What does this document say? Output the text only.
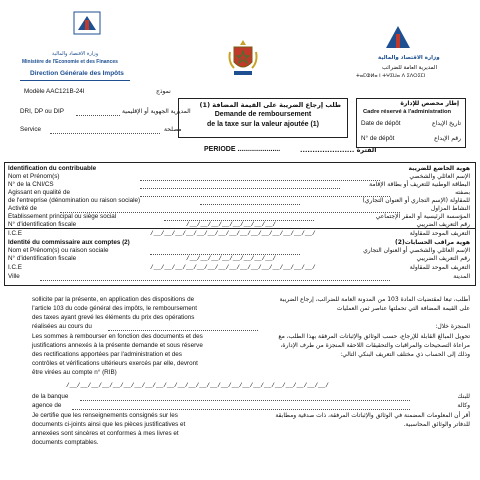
Ministère de l'Economie et des Finances
وزارة الاقتصاد والمالية
Direction Générale des Impôts
Modèle AAC121B-24I	نموذج
DRI, DP ou DIP	المديرية الجهوية أو الإقليمية
Service	مصلحة
وزارة الاقتصاد والمالية
المديرية العامة للضرائب
ⵜⴰⵎⵀⵍⴰ ⵏ ⵜⵖⵉⵡⴰ ⴷ ⵉⴷⵔⵉⵎⵏ
طلب إرجاع الضريبة على القيمة المضافة (1)
Demande de remboursement
de la taxe sur la valeur ajoutée (1)
PERIODE ......................	الفترة ......................
إطار مخصص للإدارة
Cadre réservé à l'administration
Date de dépôt	تاريخ الإيداع
N° de dépôt	رقم الإيداع
Identification du contribuable	هوية الخاضع للضريبة
Nom et Prénom(s)	الإسم العائلي والشخصي
N° de la CNI/CS	البطاقة الوطنية للتعريف أو بطاقة الإقامة
Agissant en qualité de	بصفته
de l'entreprise (dénomination ou raison sociale)	للمقاولة (الإسم التجاري أو العنوان التجاري)
Activité de	النشاط المزاول
Etablissement principal ou siège social	المؤسسة الرئيسية أو المقر الإجتماعي
N° d'identification fiscale	/__/__/__/__/__/__/__/__/	رقم التعريف الضريبي
I.C.E	/__/__/__/__/__/__/__/__/__/__/__/__/__/__/__/	التعريف الموحد للمقاولة
Identité du commissaire aux comptes (2)	هوية مراقب الحسابات(2)
Nom et Prénom(s) ou raison sociale	الإسم العائلي والشخصي أو العنوان التجاري
N° d'identification fiscale	/__/__/__/__/__/__/__/__/	رقم التعريف الضريبي
I.C.E	/__/__/__/__/__/__/__/__/__/__/__/__/__/__/__/	التعريف الموحد للمقاولة
Ville	المدينة
sollicite par la présente, en application des dispositions de
l'article 103 du code général des impôts, le remboursement
des taxes ayant grevé les éléments du prix des opérations
réalisées au cours du
Les sommes à rembourser en fonction des documents et des
justifications annexés à la présente demande et sous réserve
des rectifications apportées par l'administration et des
contrôles et vérifications ultérieurs exercés par elle, devront
être virées au compte n° (RIB)
أطلب، تبعا لمقتضيات المادة 103 من المدونة العامة للضرائب، إرجاع الضريبة
على القيمة المضافة التي تحملتها عناصر ثمن العمليات
المنجزة خلال:
تحويل المبالغ القابلة للإرجاع، حسب الوثائق والإثباتات المرفقة بهذا الطلب، مع
مراعاة التصحيحات والمراقبات والتحقيقات اللاحقة المنجزة من طرف الإدارة،
وذلك إلى الحساب ذي مختلف التعريف البنكي التالي:
/__/__/__/__/__/__/__/__/__/__/__/__/__/__/__/__/__/__/__/__/__/__/__/__/
de la banque	للبنك
agence de	وكالة
Je certifie que les renseignements consignés sur les
documents ci-joints ainsi que les pièces justificatives et
annexées sont sincères et conformes à mes livres et
documents comptables.
أقر أن المعلومات المضمنة في الوثائق والإثباتات المرفقة، ذات صدقية ومطابقة
للدفاتر والوثائق المحاسبية.
